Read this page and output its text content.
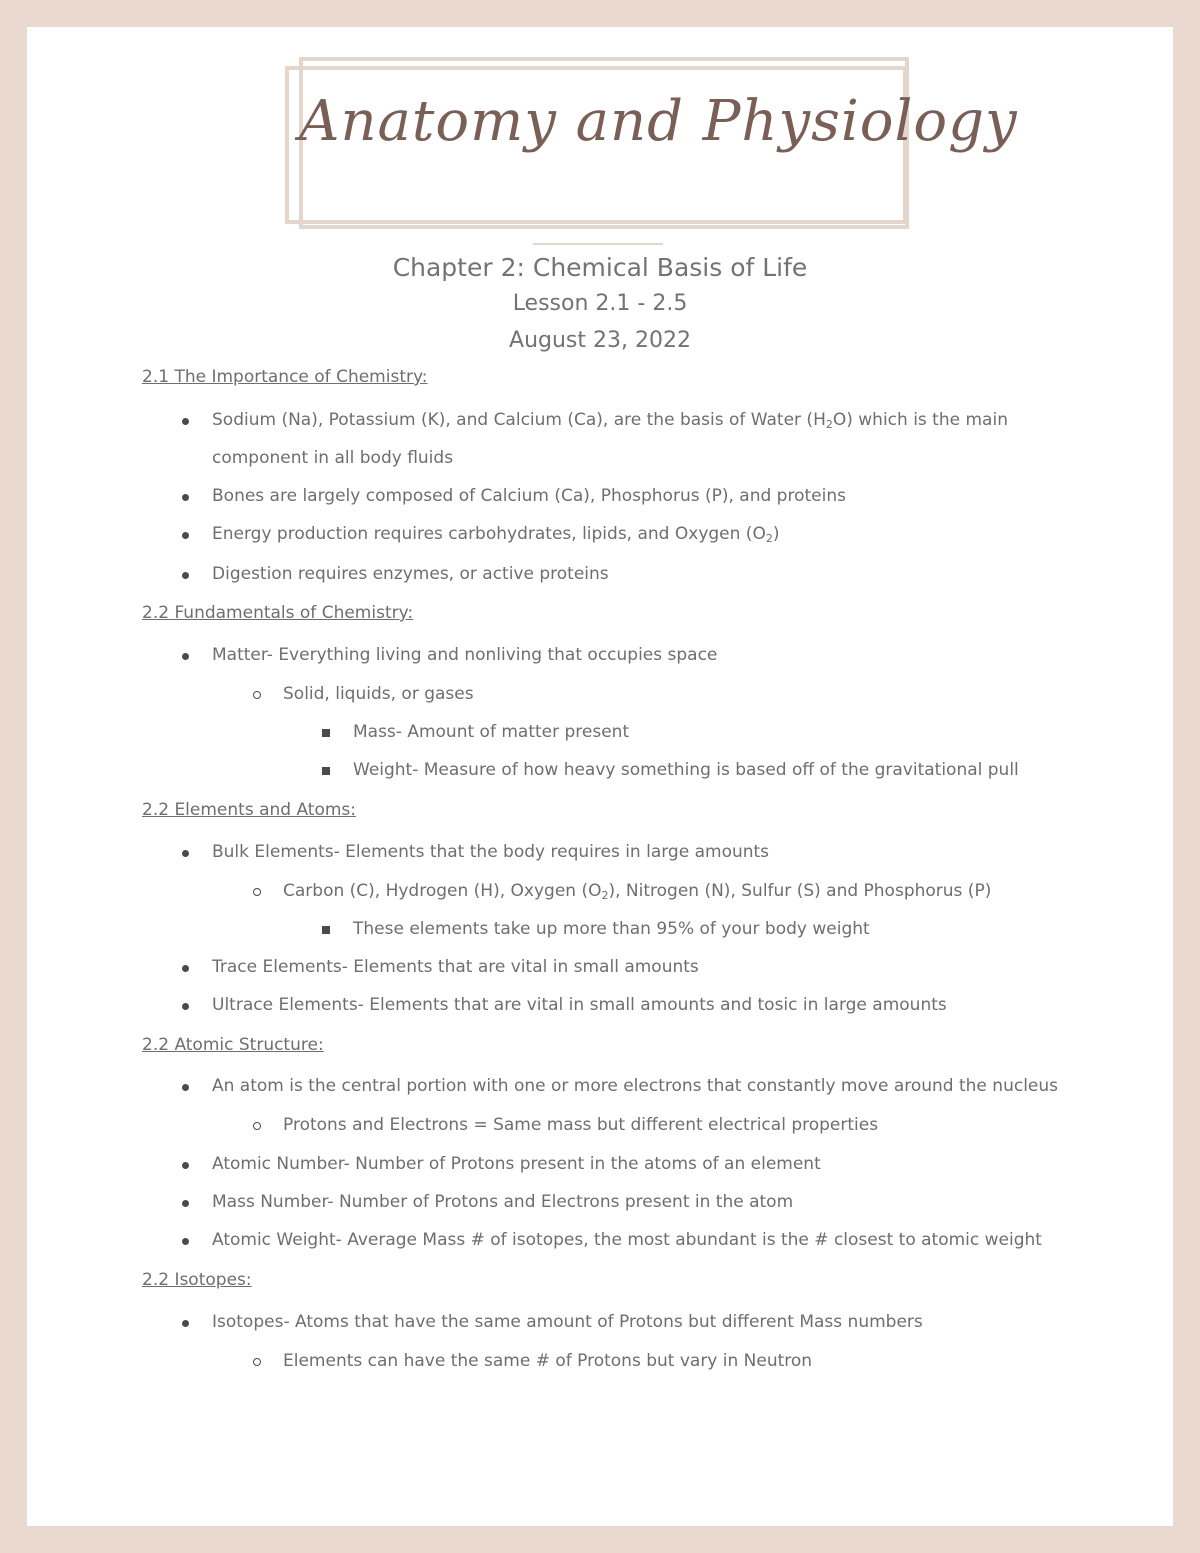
Anatomy and Physiology
Chapter 2: Chemical Basis of Life
Lesson 2.1 - 2.5
August 23, 2022
2.1 The Importance of Chemistry:
Sodium (Na), Potassium (K), and Calcium (Ca), are the basis of Water $(H_2O)$ which is the main
component in all body fluids
Bones are largely composed of Calcium (Ca), Phosphorus (P), and proteins
Energy production requires carbohydrates, lipids, and Oxygen $(O_2)$
Digestion requires enzymes, or active proteins
2.2 Fundamentals of Chemistry:
Matter- Everything living and nonliving that occupies space
Solid, liquids, or gases
Mass- Amount of matter present
Weight- Measure of how heavy something is based off of the gravitational pull
2.2 Elements and Atoms:
Bulk Elements- Elements that the body requires in large amounts
Carbon (C), Hydrogen (H), Oxygen $(O_2)$, Nitrogen (N), Sulfur (S) and Phosphorus (P)
These elements take up more than 95% of your body weight
Trace Elements- Elements that are vital in small amounts
Ultrace Elements- Elements that are vital in small amounts and tosic in large amounts
2.2 Atomic Structure:
An atom is the central portion with one or more electrons that constantly move around the nucleus
Protons and Electrons = Same mass but different electrical properties
Atomic Number- Number of Protons present in the atoms of an element
Mass Number- Number of Protons and Electrons present in the atom
Atomic Weight- Average Mass # of isotopes, the most abundant is the # closest to atomic weight
2.2 Isotopes:
Isotopes- Atoms that have the same amount of Protons but different Mass numbers
Elements can have the same # of Protons but vary in Neutron
